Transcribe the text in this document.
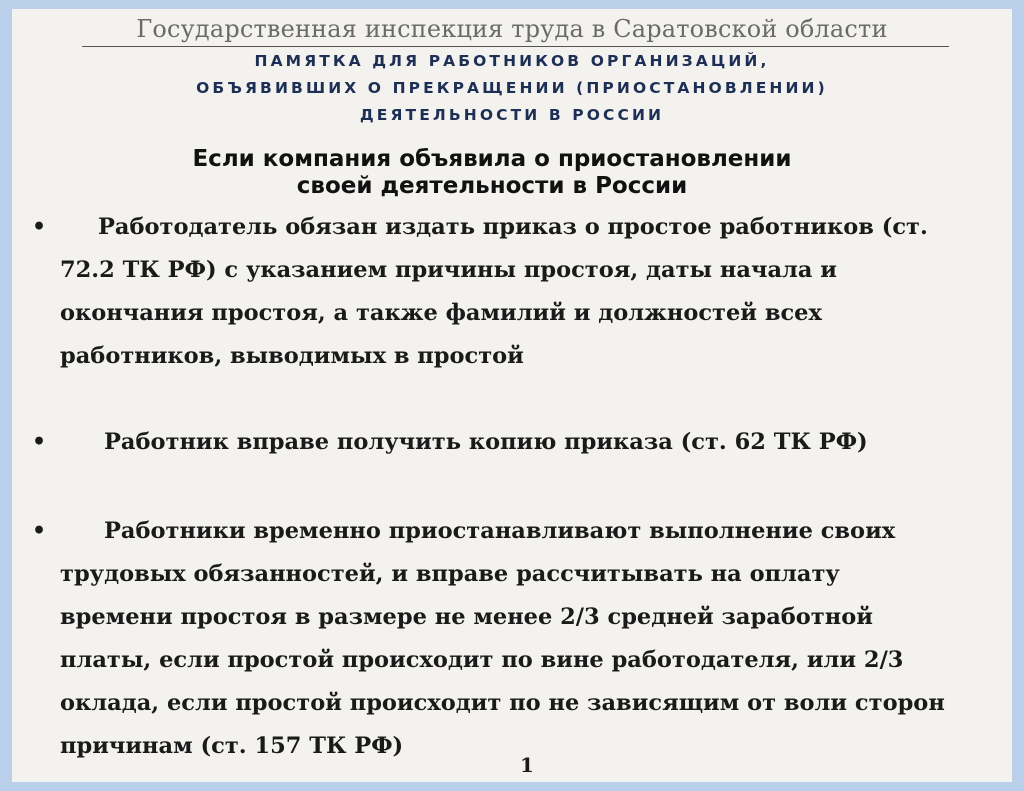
Государственная инспекция труда в Саратовской области
ПАМЯТКА ДЛЯ РАБОТНИКОВ ОРГАНИЗАЦИЙ,
ОБЪЯВИВШИХ О ПРЕКРАЩЕНИИ (ПРИОСТАНОВЛЕНИИ)
ДЕЯТЕЛЬНОСТИ В РОССИИ
Если компания объявила о приостановлении
своей деятельности в России
•	Работодатель обязан издать приказ о простое работников (ст.
72.2 ТК РФ) с указанием причины простоя, даты начала и
окончания простоя, а также фамилий и должностей всех
работников, выводимых в простой
•	Работник вправе получить копию приказа (ст. 62 ТК РФ)
•	Работники временно приостанавливают выполнение своих
трудовых обязанностей, и вправе рассчитывать на оплату
времени простоя в размере не менее 2/3 средней заработной
платы, если простой происходит по вине работодателя, или 2/3
оклада, если простой происходит по не зависящим от воли сторон
причинам (ст. 157 ТК РФ)
1
